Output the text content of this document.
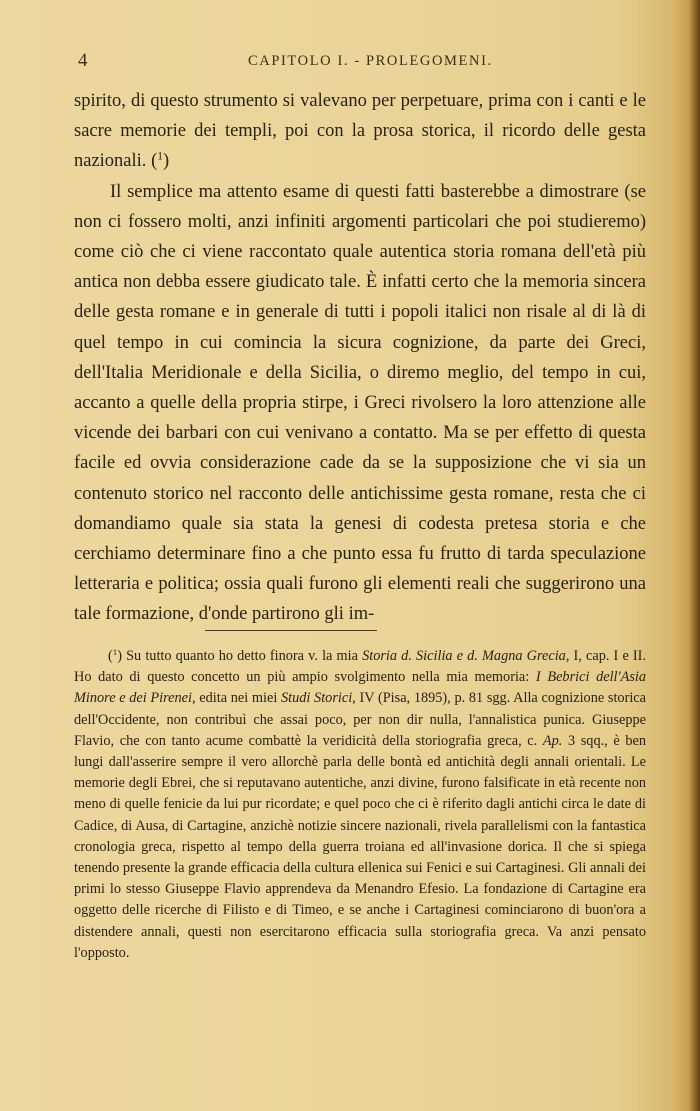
4	CAPITOLO I. - PROLEGOMENI.

spirito, di questo strumento si valevano per perpetuare, prima con i canti e le sacre memorie dei templi, poi con la prosa storica, il ricordo delle gesta nazionali. ($^1$)

Il semplice ma attento esame di questi fatti basterebbe a dimostrare (se non ci fossero molti, anzi infiniti argomenti particolari che poi studieremo) come ciò che ci viene raccontato quale autentica storia romana dell'età più antica non debba essere giudicato tale. È infatti certo che la memoria sincera delle gesta romane e in generale di tutti i popoli italici non risale al di là di quel tempo in cui comincia la sicura cognizione, da parte dei Greci, dell'Italia Meridionale e della Sicilia, o diremo meglio, del tempo in cui, accanto a quelle della propria stirpe, i Greci rivolsero la loro attenzione alle vicende dei barbari con cui venivano a contatto. Ma se per effetto di questa facile ed ovvia considerazione cade da se la supposizione che vi sia un contenuto storico nel racconto delle antichissime gesta romane, resta che ci domandiamo quale sia stata la genesi di codesta pretesa storia e che cerchiamo determinare fino a che punto essa fu frutto di tarda speculazione letteraria e politica; ossia quali furono gli elementi reali che suggerirono una tale formazione, d'onde partirono gli im-

($^1$) Su tutto quanto ho detto finora v. la mia Storia d. Sicilia e d. Magna Grecia, I, cap. I e II. Ho dato di questo concetto un più ampio svolgimento nella mia memoria: I Bebrici dell'Asia Minore e dei Pirenei, edita nei miei Studi Storici, IV (Pisa, 1895), p. 81 sgg. Alla cognizione storica dell'Occidente, non contribuì che assai poco, per non dir nulla, l'annalistica punica. Giuseppe Flavio, che con tanto acume combattè la veridicità della storiografia greca, c. Ap. 3 sqq., è ben lungi dall'asserire sempre il vero allorchè parla delle bontà ed antichità degli annali orientali. Le memorie degli Ebrei, che si reputavano autentiche, anzi divine, furono falsificate in età recente non meno di quelle fenicie da lui pur ricordate; e quel poco che ci è riferito dagli antichi circa le date di Cadice, di Ausa, di Cartagine, anzichè notizie sincere nazionali, rivela parallelismi con la fantastica cronologia greca, rispetto al tempo della guerra troiana ed all'invasione dorica. Il che si spiega tenendo presente la grande efficacia della cultura ellenica sui Fenici e sui Cartaginesi. Gli annali dei primi lo stesso Giuseppe Flavio apprendeva da Menandro Efesio. La fondazione di Cartagine era oggetto delle ricerche di Filisto e di Timeo, e se anche i Cartaginesi cominciarono di buon'ora a distendere annali, questi non esercitarono efficacia sulla storiografia greca. Va anzi pensato l'opposto.
